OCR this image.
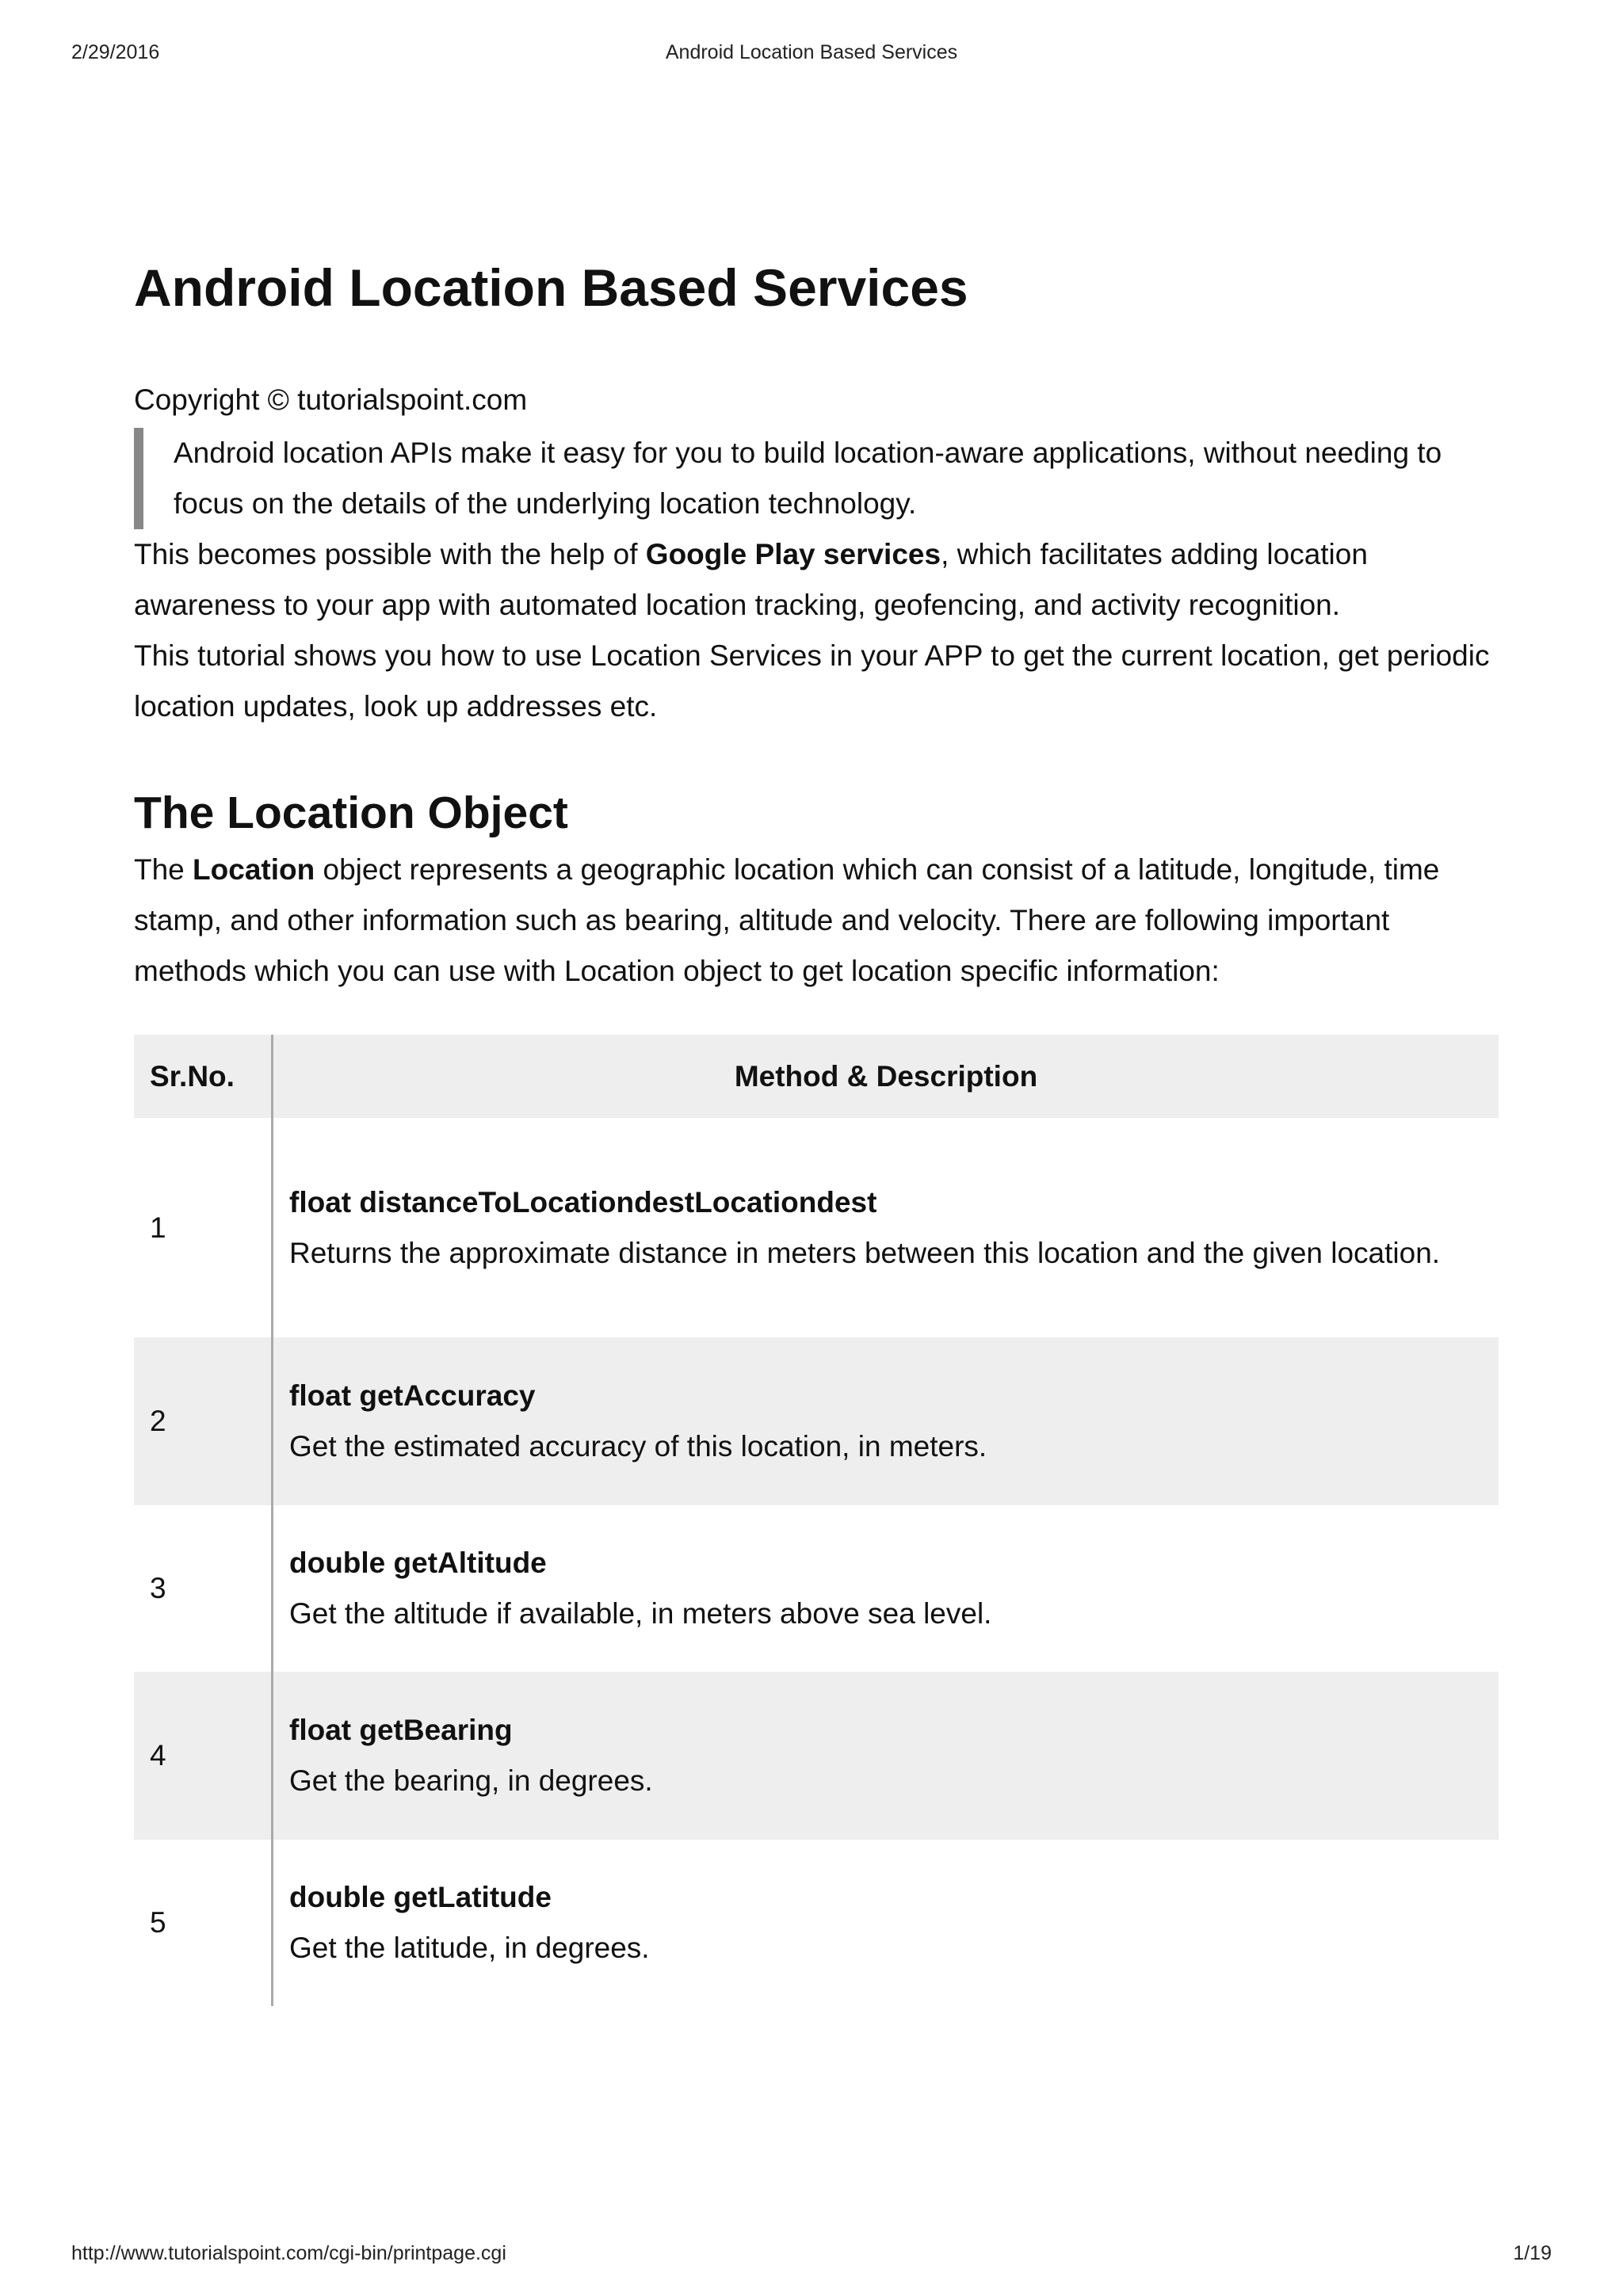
2/29/2016	Android Location Based Services
Android Location Based Services
Copyright © tutorialspoint.com
Android location APIs make it easy for you to build location-aware applications, without needing to focus on the details of the underlying location technology.

This becomes possible with the help of Google Play services, which facilitates adding location awareness to your app with automated location tracking, geofencing, and activity recognition.

This tutorial shows you how to use Location Services in your APP to get the current location, get periodic location updates, look up addresses etc.

The Location Object

The Location object represents a geographic location which can consist of a latitude, longitude, time stamp, and other information such as bearing, altitude and velocity. There are following important methods which you can use with Location object to get location specific information:

Sr.No.	Method & Description
1	float distanceToLocationdestLocationdest
Returns the approximate distance in meters between this location and the given location.

2	float getAccuracy
Get the estimated accuracy of this location, in meters.

3	double getAltitude
Get the altitude if available, in meters above sea level.

4	float getBearing
Get the bearing, in degrees.

5	double getLatitude
Get the latitude, in degrees.
http://www.tutorialspoint.com/cgi-bin/printpage.cgi	1/19
